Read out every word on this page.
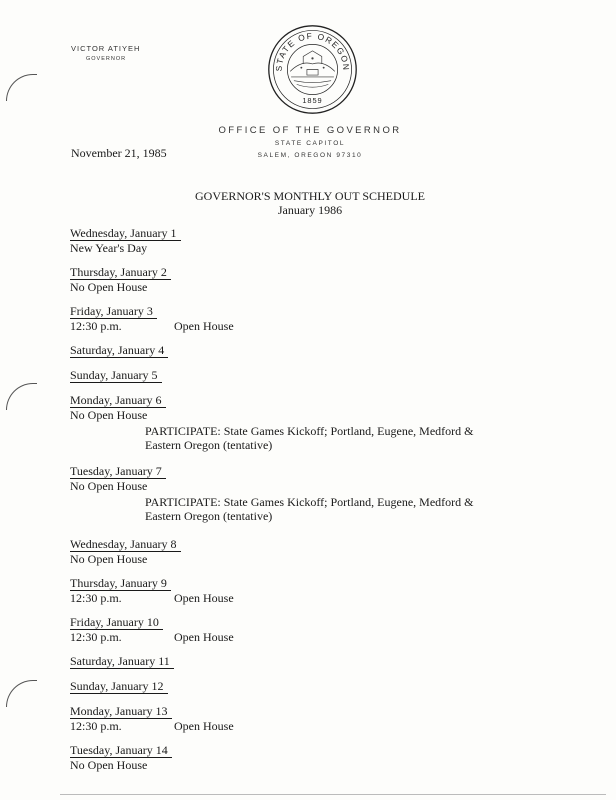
VICTOR ATIYEH
GOVERNOR
STATE OF OREGON
1859
OFFICE OF THE GOVERNOR
STATE CAPITOL
SALEM, OREGON 97310
November 21, 1985
GOVERNOR'S MONTHLY OUT SCHEDULE
January 1986
Wednesday, January 1
New Year's Day
Thursday, January 2
No Open House
Friday, January 3
12:30 p.m.	Open House
Saturday, January 4
Sunday, January 5
Monday, January 6
No Open House
PARTICIPATE: State Games Kickoff; Portland, Eugene, Medford &
Eastern Oregon (tentative)
Tuesday, January 7
No Open House
PARTICIPATE: State Games Kickoff; Portland, Eugene, Medford &
Eastern Oregon (tentative)
Wednesday, January 8
No Open House
Thursday, January 9
12:30 p.m.	Open House
Friday, January 10
12:30 p.m.	Open House
Saturday, January 11
Sunday, January 12
Monday, January 13
12:30 p.m.	Open House
Tuesday, January 14
No Open House
